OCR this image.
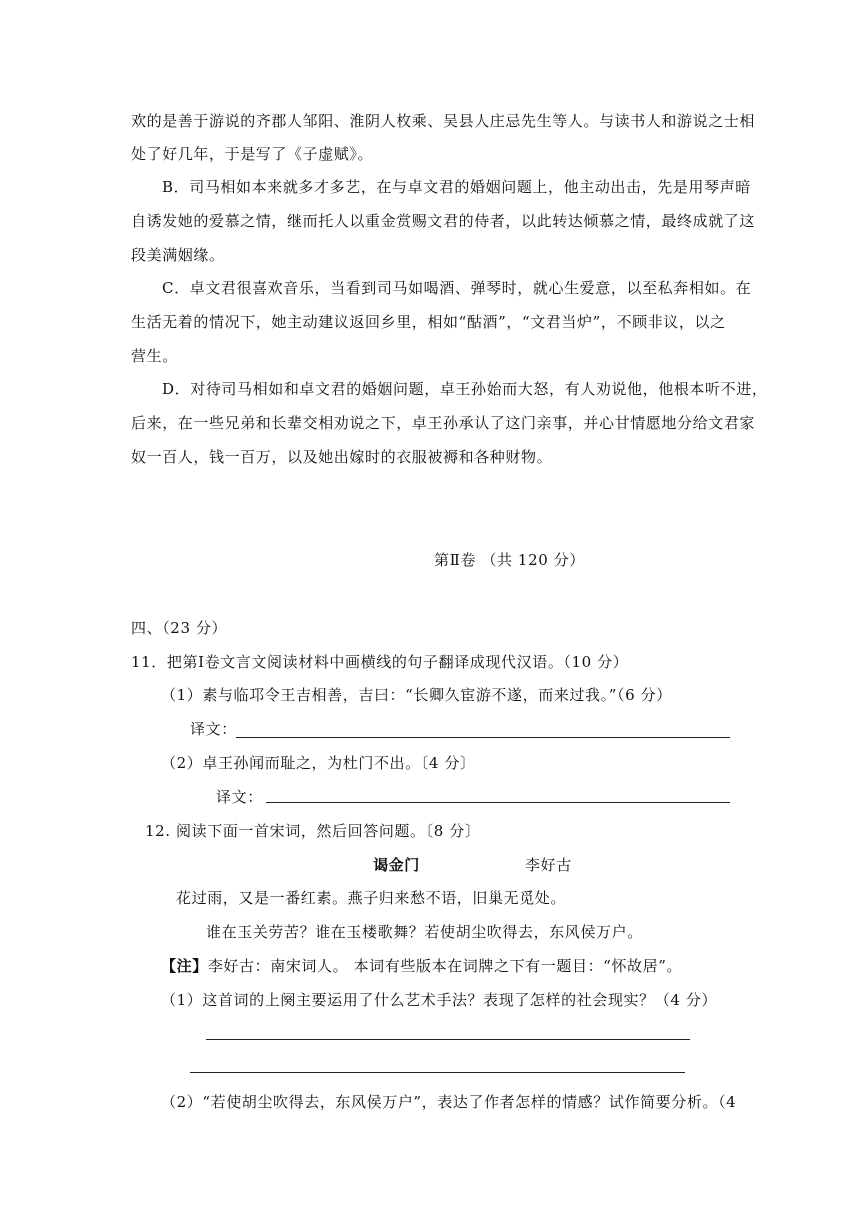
欢的是善于游说的齐郡人邹阳、淮阴人枚乘、吴县人庄忌先生等人。与读书人和游说之士相
处了好几年，于是写了《子虚赋》。
B．司马相如本来就多才多艺，在与卓文君的婚姻问题上，他主动出击，先是用琴声暗
自诱发她的爱慕之情，继而托人以重金赏赐文君的侍者，以此转达倾慕之情，最终成就了这
段美满姻缘。
C．卓文君很喜欢音乐，当看到司马如喝酒、弹琴时，就心生爱意，以至私奔相如。在
生活无着的情况下，她主动建议返回乡里，相如“酤酒”，“文君当炉”，不顾非议，以之
营生。
D．对待司马相如和卓文君的婚姻问题，卓王孙始而大怒，有人劝说他，他根本听不进，
后来，在一些兄弟和长辈交相劝说之下，卓王孙承认了这门亲事，并心甘情愿地分给文君家
奴一百人，钱一百万，以及她出嫁时的衣服被褥和各种财物。
第Ⅱ卷 （共 120 分）
四、（23 分）
11．把第Ⅰ卷文言文阅读材料中画横线的句子翻译成现代汉语。（10 分）
（1）素与临邛令王吉相善，吉曰：“长卿久宦游不遂，而来过我。”（6 分）
译文：
（2）卓王孙闻而耻之，为杜门不出。〔4 分〕
译文：
12. 阅读下面一首宋词，然后回答问题。〔8 分〕
谒金门	李好古
花过雨，又是一番红素。燕子归来愁不语，旧巢无觅处。
谁在玉关劳苦？谁在玉楼歌舞？若使胡尘吹得去，东风侯万户。
【注】李好古：南宋词人。 本词有些版本在词牌之下有一题目：“怀故居”。
（1）这首词的上阕主要运用了什么艺术手法？表现了怎样的社会现实？（4 分）
（2）“若使胡尘吹得去，东风侯万户”，表达了作者怎样的情感？试作简要分析。（4
